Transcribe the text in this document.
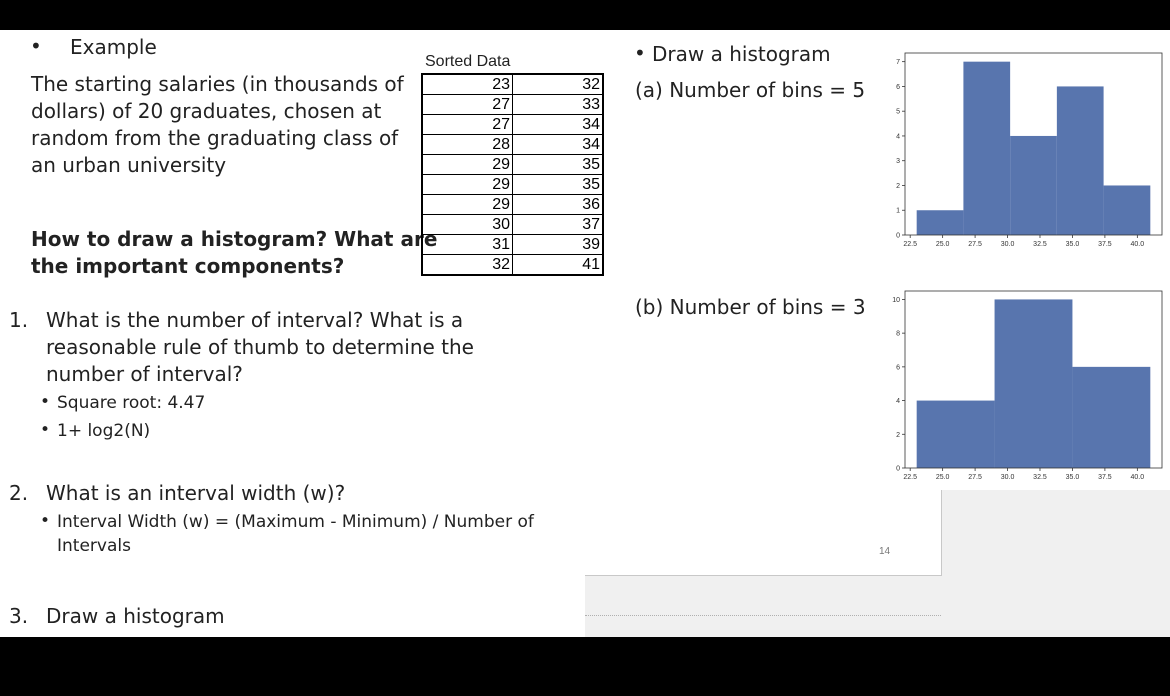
• Example
The starting salaries (in thousands of
dollars) of 20 graduates, chosen at
random from the graduating class of
an urban university
How to draw a histogram? What are
the important components?
1. What is the number of interval? What is a
reasonable rule of thumb to determine the
number of interval?
• Square root: 4.47
• 1+ log2(N)
2. What is an interval width (w)?
• Interval Width (w) = (Maximum - Minimum) / Number of
Intervals
3. Draw a histogram
Sorted Data
23	32
27	33
27	34
28	34
29	35
29	35
29	36
30	37
31	39
32	41
• Draw a histogram
(a) Number of bins = 5
(b) Number of bins = 3
22.5	25.0	27.5	30.0	32.5	35.0	37.5	40.0
0
1
2
3
4
5
6
7
22.5	25.0	27.5	30.0	32.5	35.0	37.5	40.0
0
2
4
6
8
10
14
